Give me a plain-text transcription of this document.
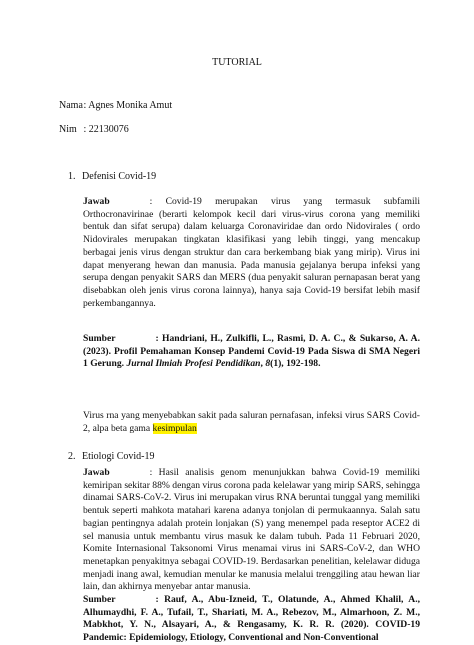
TUTORIAL
Nama : Agnes Monika Amut
Nim : 22130076
1. Defenisi Covid-19
Jawab	: Covid-19 merupakan virus yang termasuk subfamili Orthocronavirinae (berarti kelompok kecil dari virus-virus corona yang memiliki bentuk dan sifat serupa) dalam keluarga Coronaviridae dan ordo Nidovirales ( ordo Nidovirales merupakan tingkatan klasifikasi yang lebih tinggi, yang mencakup berbagai jenis virus dengan struktur dan cara berkembang biak yang mirip). Virus ini dapat menyerang hewan dan manusia. Pada manusia gejalanya berupa infeksi yang serupa dengan penyakit SARS dan MERS (dua penyakit saluran pernapasan berat yang disebabkan oleh jenis virus corona lainnya), hanya saja Covid-19 bersifat lebih masif perkembangannya.
Sumber	: Handriani, H., Zulkifli, L., Rasmi, D. A. C., & Sukarso, A. A. (2023). Profil Pemahaman Konsep Pandemi Covid-19 Pada Siswa di SMA Negeri 1 Gerung. Jurnal Ilmiah Profesi Pendidikan, 8(1), 192-198.
Virus rna yang menyebabkan sakit pada saluran pernafasan, infeksi virus SARS Covid-2, alpa beta gama kesimpulan
2. Etiologi Covid-19
Jawab	: Hasil analisis genom menunjukkan bahwa Covid-19 memiliki kemiripan sekitar 88% dengan virus corona pada kelelawar yang mirip SARS, sehingga dinamai SARS-CoV-2. Virus ini merupakan virus RNA beruntai tunggal yang memiliki bentuk seperti mahkota matahari karena adanya tonjolan di permukaannya. Salah satu bagian pentingnya adalah protein lonjakan (S) yang menempel pada reseptor ACE2 di sel manusia untuk membantu virus masuk ke dalam tubuh. Pada 11 Februari 2020, Komite Internasional Taksonomi Virus menamai virus ini SARS-CoV-2, dan WHO menetapkan penyakitnya sebagai COVID-19. Berdasarkan penelitian, kelelawar diduga menjadi inang awal, kemudian menular ke manusia melalui trenggiling atau hewan liar lain, dan akhirnya menyebar antar manusia.
Sumber	: Rauf, A., Abu-Izneid, T., Olatunde, A., Ahmed Khalil, A., Alhumaydhi, F. A., Tufail, T., Shariati, M. A., Rebezov, M., Almarhoon, Z. M., Mabkhot, Y. N., Alsayari, A., & Rengasamy, K. R. R. (2020). COVID-19 Pandemic: Epidemiology, Etiology, Conventional and Non-Conventional
